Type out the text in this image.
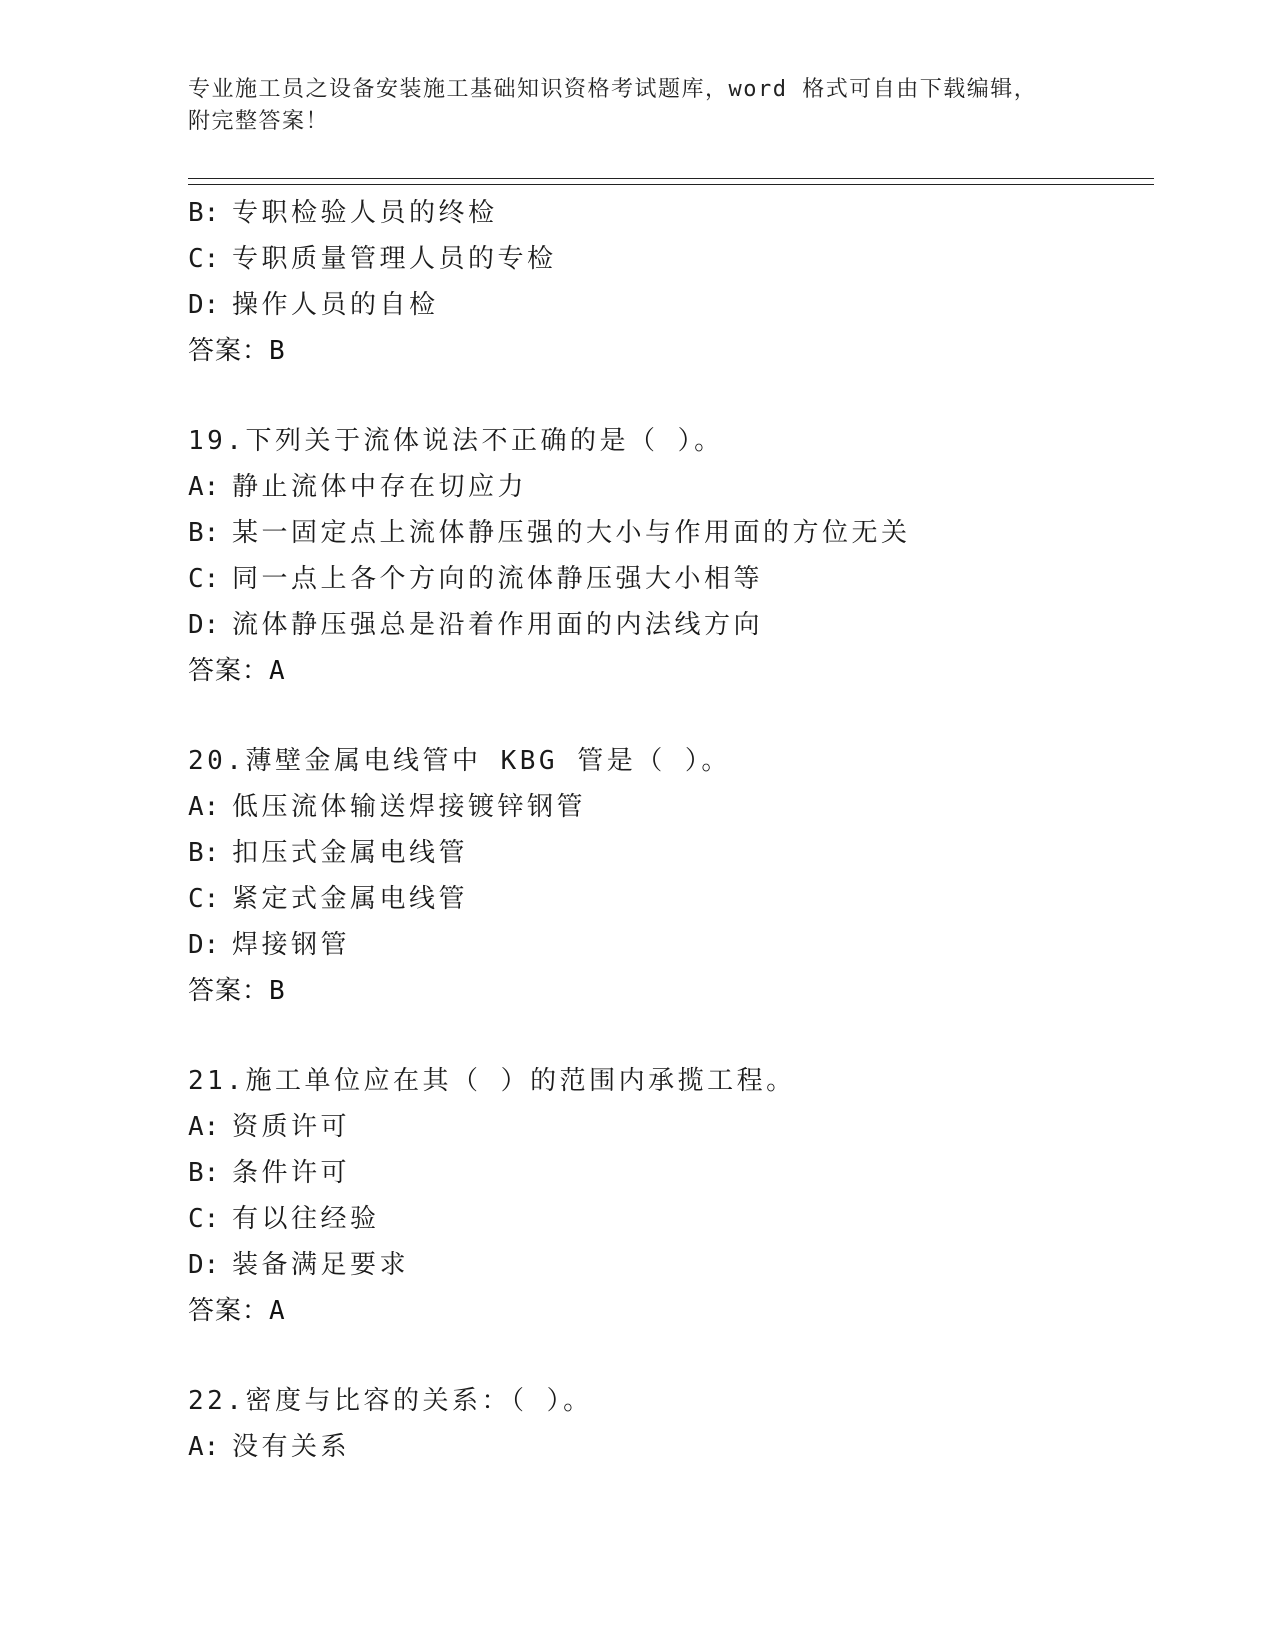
专业施工员之设备安装施工基础知识资格考试题库，word 格式可自由下载编辑，
附完整答案！
B: 专职检验人员的终检
C: 专职质量管理人员的专检
D: 操作人员的自检
答案：B
19.下列关于流体说法不正确的是（ ）。
A: 静止流体中存在切应力
B: 某一固定点上流体静压强的大小与作用面的方位无关
C: 同一点上各个方向的流体静压强大小相等
D: 流体静压强总是沿着作用面的内法线方向
答案：A
20.薄壁金属电线管中 KBG 管是（ ）。
A: 低压流体输送焊接镀锌钢管
B: 扣压式金属电线管
C: 紧定式金属电线管
D: 焊接钢管
答案：B
21.施工单位应在其（ ）的范围内承揽工程。
A: 资质许可
B: 条件许可
C: 有以往经验
D: 装备满足要求
答案：A
22.密度与比容的关系：（ ）。
A: 没有关系
